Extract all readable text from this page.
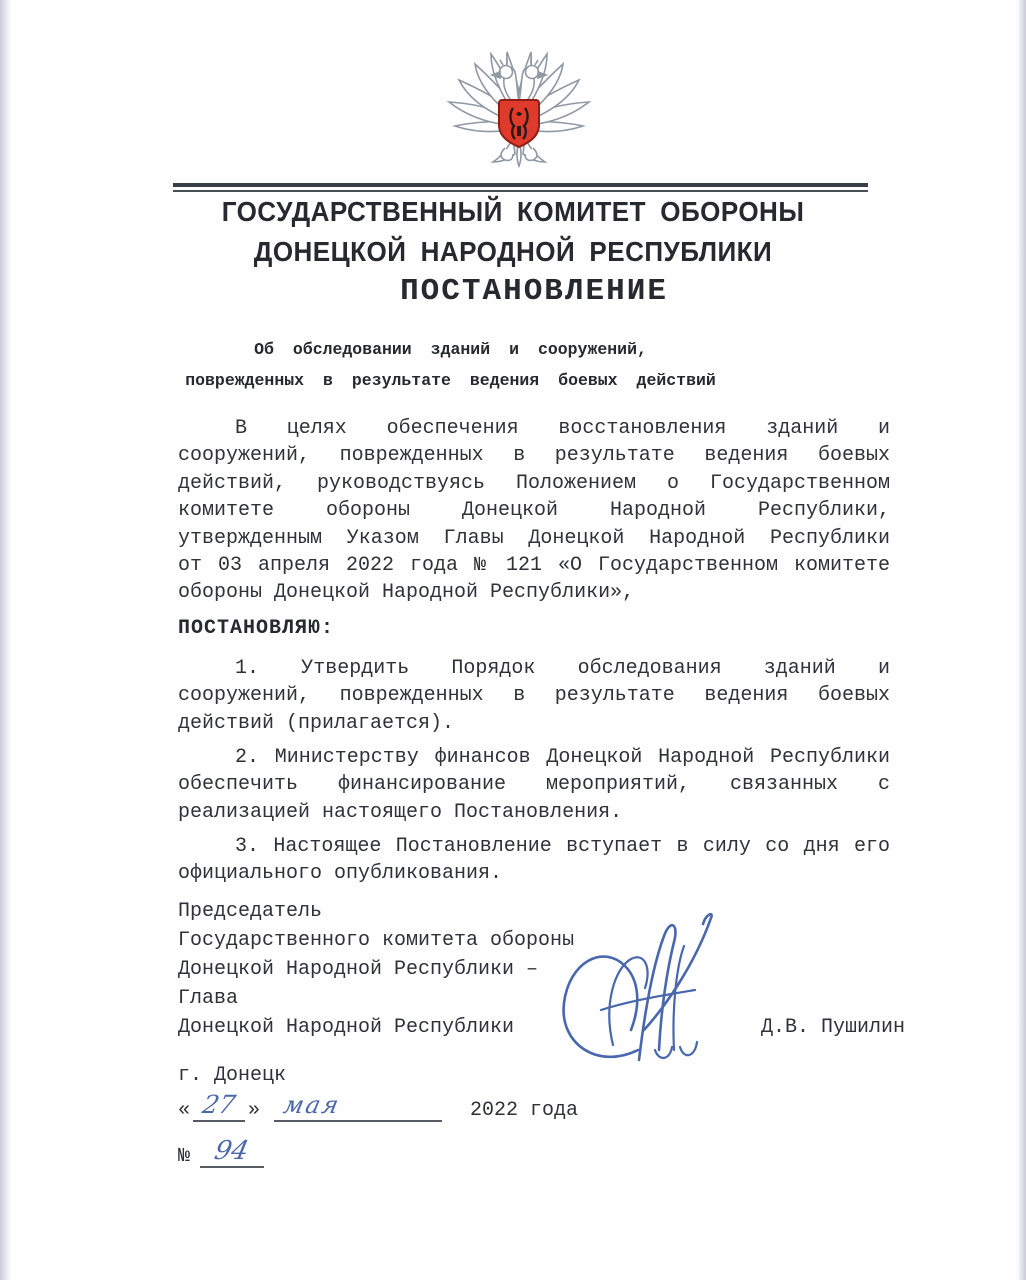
ГОСУДАРСТВЕННЫЙ КОМИТЕТ ОБОРОНЫ
ДОНЕЦКОЙ НАРОДНОЙ РЕСПУБЛИКИ
ПОСТАНОВЛЕНИЕ
Об обследовании зданий и сооружений,
поврежденных в результате ведения боевых действий
В целях обеспечения восстановления зданий и
сооружений, поврежденных в результате ведения боевых
действий, руководствуясь Положением о Государственном
комитете обороны Донецкой Народной Республики,
утвержденным Указом Главы Донецкой Народной Республики
от 03 апреля 2022 года № 121 «О Государственном комитете
обороны Донецкой Народной Республики»,
ПОСТАНОВЛЯЮ:
1. Утвердить Порядок обследования зданий и
сооружений, поврежденных в результате ведения боевых
действий (прилагается).
2. Министерству финансов Донецкой Народной Республики
обеспечить финансирование мероприятий, связанных с
реализацией настоящего Постановления.
3. Настоящее Постановление вступает в силу со дня его
официального опубликования.
Председатель
Государственного комитета обороны
Донецкой Народной Республики –
Глава
Донецкой Народной Республики	Д.В. Пушилин
г. Донецк
« 27 » мая	2022 года
№ 94
